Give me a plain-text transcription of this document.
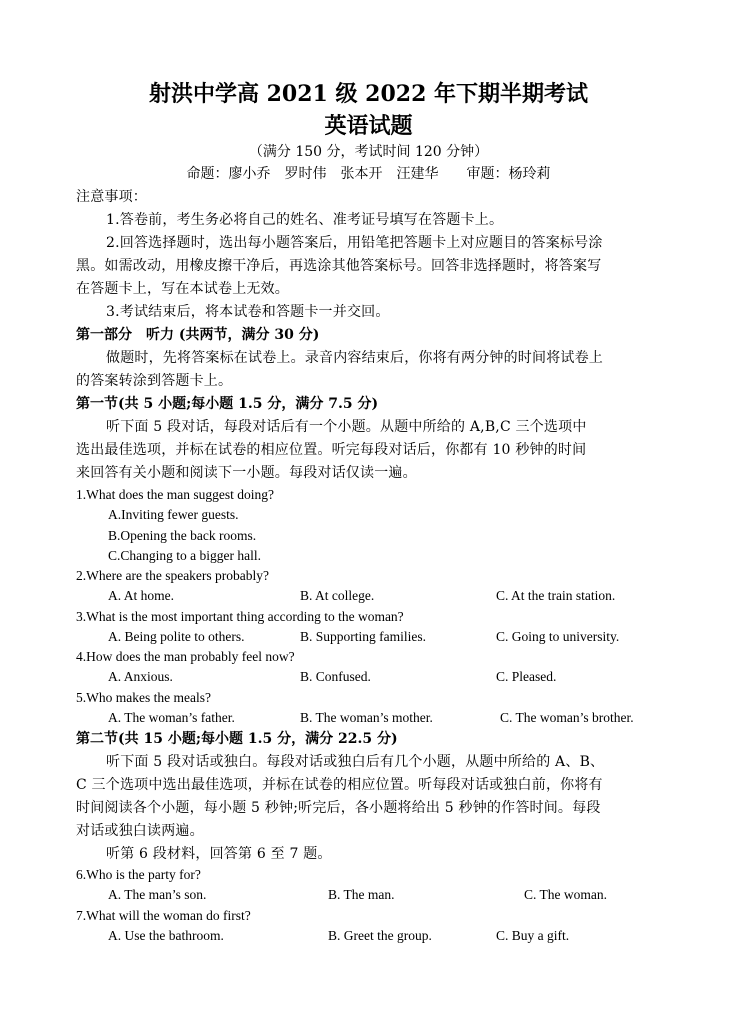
射洪中学高 2021 级 2022 年下期半期考试
英语试题
（满分 150 分，考试时间 120 分钟）
命题：廖小乔　罗时伟　张本开　汪建华　　审题：杨玲莉
注意事项：
1.答卷前，考生务必将自己的姓名、准考证号填写在答题卡上。
2.回答选择题时，选出每小题答案后，用铅笔把答题卡上对应题目的答案标号涂
黑。如需改动，用橡皮擦干净后，再选涂其他答案标号。回答非选择题时，将答案写
在答题卡上，写在本试卷上无效。
3.考试结束后，将本试卷和答题卡一并交回。
第一部分　听力 (共两节，满分 30 分)
做题时，先将答案标在试卷上。录音内容结束后，你将有两分钟的时间将试卷上
的答案转涂到答题卡上。
第一节(共 5 小题;每小题 1.5 分，满分 7.5 分)
听下面 5 段对话，每段对话后有一个小题。从题中所给的 A,B,C 三个选项中
选出最佳选项，并标在试卷的相应位置。听完每段对话后，你都有 10 秒钟的时间
来回答有关小题和阅读下一小题。每段对话仅读一遍。
1.What does the man suggest doing?
A.Inviting fewer guests.
B.Opening the back rooms.
C.Changing to a bigger hall.
2.Where are the speakers probably?
A. At home.	B. At college.	C. At the train station.
3.What is the most important thing according to the woman?
A. Being polite to others.	B. Supporting families.	C. Going to university.
4.How does the man probably feel now?
A. Anxious.	B. Confused.	C. Pleased.
5.Who makes the meals?
A. The woman’s father.	B. The woman’s mother.	C. The woman’s brother.
第二节(共 15 小题;每小题 1.5 分，满分 22.5 分)
听下面 5 段对话或独白。每段对话或独白后有几个小题，从题中所给的 A、B、
C 三个选项中选出最佳选项，并标在试卷的相应位置。听每段对话或独白前，你将有
时间阅读各个小题，每小题 5 秒钟;听完后，各小题将给出 5 秒钟的作答时间。每段
对话或独白读两遍。
听第 6 段材料，回答第 6 至 7 题。
6.Who is the party for?
A. The man’s son.	B. The man.	C. The woman.
7.What will the woman do first?
A. Use the bathroom.	B. Greet the group.	C. Buy a gift.
